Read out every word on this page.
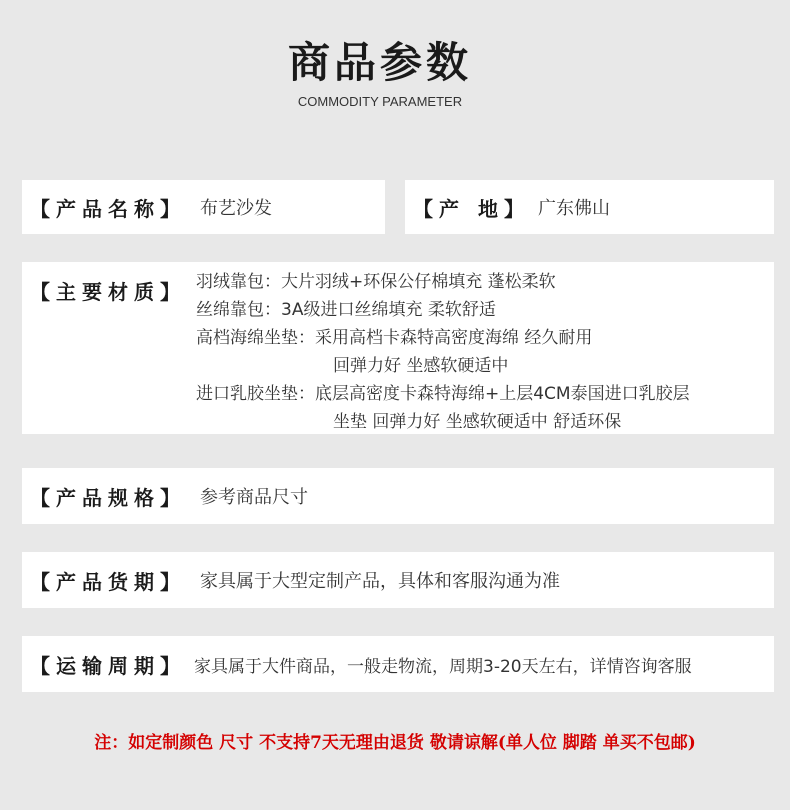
商品参数
COMMODITY PARAMETER
【产品名称】 布艺沙发	【产 地】 广东佛山
【主要材质】 羽绒靠包：大片羽绒+环保公仔棉填充 蓬松柔软
丝绵靠包：3A级进口丝绵填充 柔软舒适
高档海绵坐垫：采用高档卡森特高密度海绵 经久耐用
回弹力好 坐感软硬适中
进口乳胶坐垫：底层高密度卡森特海绵+上层4CM泰国进口乳胶层
坐垫 回弹力好 坐感软硬适中 舒适环保
【产品规格】 参考商品尺寸
【产品货期】 家具属于大型定制产品，具体和客服沟通为准
【运输周期】 家具属于大件商品，一般走物流，周期3-20天左右，详情咨询客服
注：如定制颜色 尺寸 不支持7天无理由退货 敬请谅解(单人位 脚踏 单买不包邮)
